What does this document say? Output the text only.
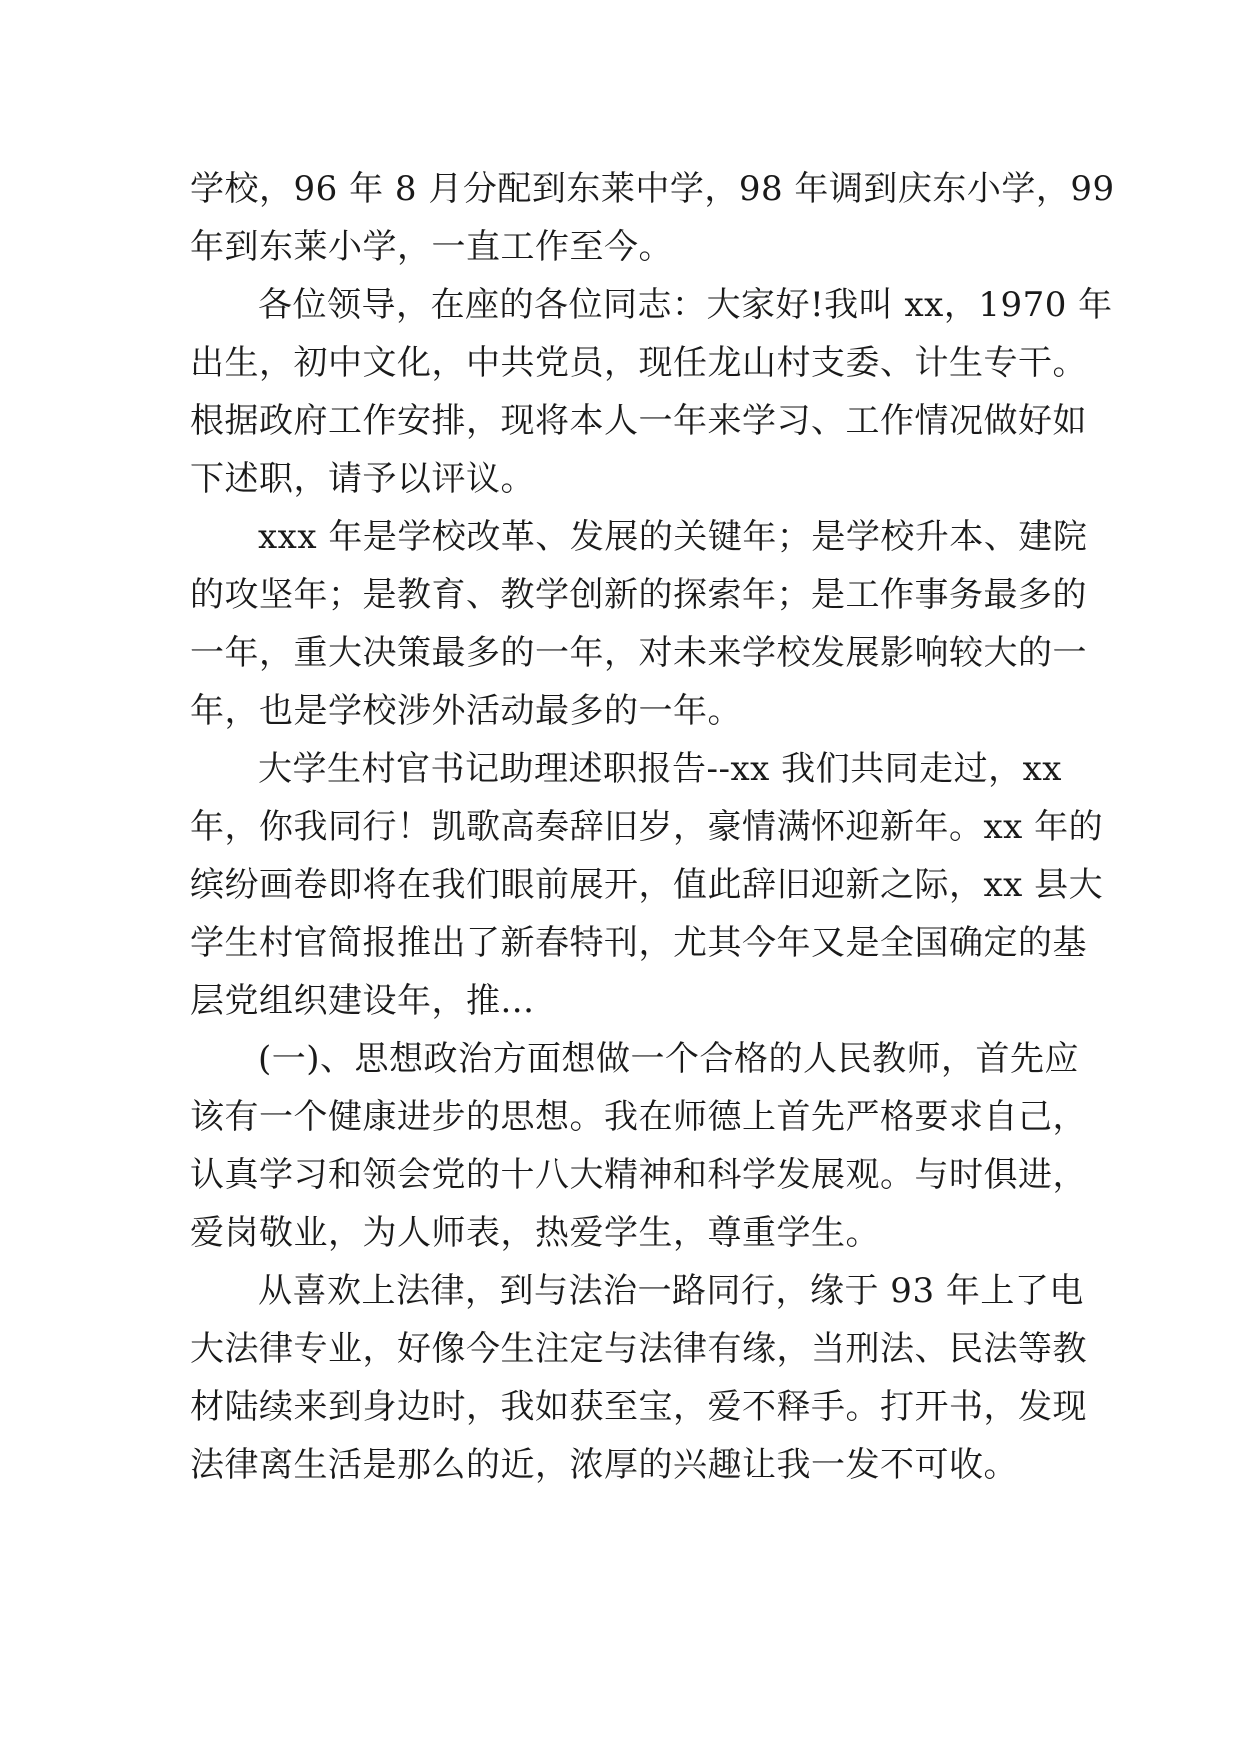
学校，96 年 8 月分配到东莱中学，98 年调到庆东小学，99
年到东莱小学，一直工作至今。
各位领导，在座的各位同志：大家好!我叫 xx，1970 年
出生，初中文化，中共党员，现任龙山村支委、计生专干。
根据政府工作安排，现将本人一年来学习、工作情况做好如
下述职，请予以评议。
xxx 年是学校改革、发展的关键年；是学校升本、建院
的攻坚年；是教育、教学创新的探索年；是工作事务最多的
一年，重大决策最多的一年，对未来学校发展影响较大的一
年，也是学校涉外活动最多的一年。
大学生村官书记助理述职报告--xx 我们共同走过，xx
年，你我同行！凯歌高奏辞旧岁，豪情满怀迎新年。xx 年的
缤纷画卷即将在我们眼前展开，值此辞旧迎新之际，xx 县大
学生村官简报推出了新春特刊，尤其今年又是全国确定的基
层党组织建设年，推...
(一)、思想政治方面想做一个合格的人民教师，首先应
该有一个健康进步的思想。我在师德上首先严格要求自己，
认真学习和领会党的十八大精神和科学发展观。与时俱进，
爱岗敬业，为人师表，热爱学生，尊重学生。
从喜欢上法律，到与法治一路同行，缘于 93 年上了电
大法律专业，好像今生注定与法律有缘，当刑法、民法等教
材陆续来到身边时，我如获至宝，爱不释手。打开书，发现
法律离生活是那么的近，浓厚的兴趣让我一发不可收。
